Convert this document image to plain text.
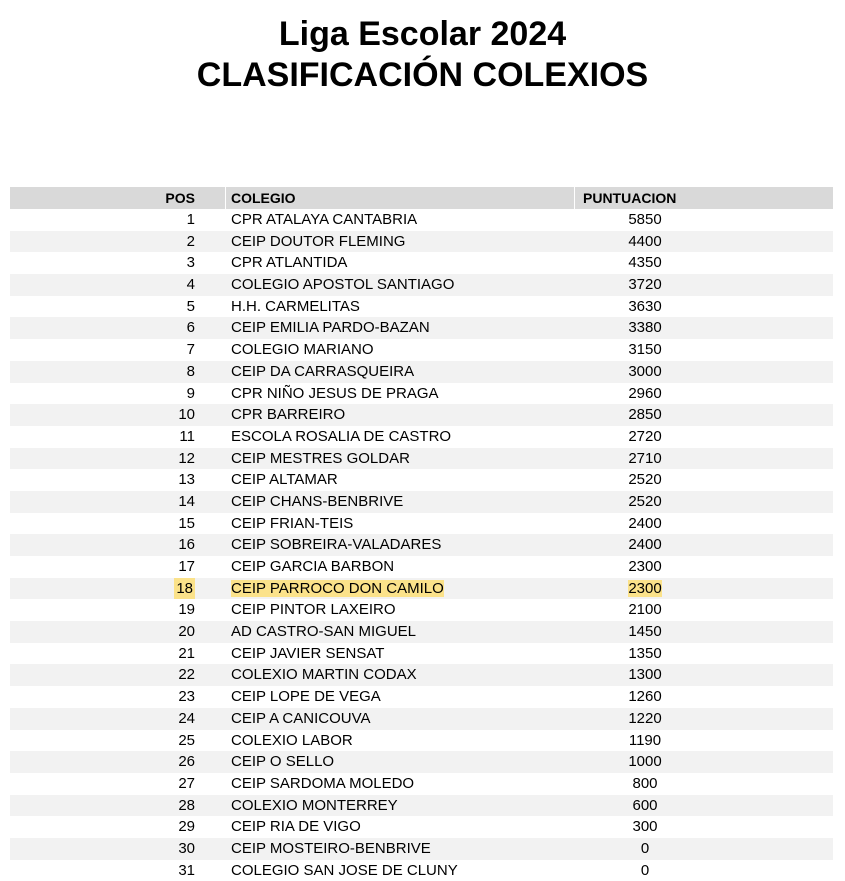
Liga Escolar 2024
CLASIFICACIÓN COLEXIOS
POS	COLEGIO	PUNTUACION
1 CPR ATALAYA CANTABRIA	5850
2 CEIP DOUTOR FLEMING	4400
3 CPR ATLANTIDA	4350
4 COLEGIO APOSTOL SANTIAGO	3720
5 H.H. CARMELITAS	3630
6 CEIP EMILIA PARDO-BAZAN	3380
7 COLEGIO MARIANO	3150
8 CEIP DA CARRASQUEIRA	3000
9 CPR NIÑO JESUS DE PRAGA	2960
10 CPR BARREIRO	2850
11 ESCOLA ROSALIA DE CASTRO	2720
12 CEIP MESTRES GOLDAR	2710
13 CEIP ALTAMAR	2520
14 CEIP CHANS-BENBRIVE	2520
15 CEIP FRIAN-TEIS	2400
16 CEIP SOBREIRA-VALADARES	2400
17 CEIP GARCIA BARBON	2300
18	CEIP PARROCO DON CAMILO	2300
19 CEIP PINTOR LAXEIRO	2100
20 AD CASTRO-SAN MIGUEL	1450
21 CEIP JAVIER SENSAT	1350
22 COLEXIO MARTIN CODAX	1300
23 CEIP LOPE DE VEGA	1260
24 CEIP A CANICOUVA	1220
25 COLEXIO LABOR	1190
26 CEIP O SELLO	1000
27 CEIP SARDOMA MOLEDO	800
28 COLEXIO MONTERREY	600
29 CEIP RIA DE VIGO	300
30 CEIP MOSTEIRO-BENBRIVE	0
31 COLEGIO SAN JOSE DE CLUNY	0
